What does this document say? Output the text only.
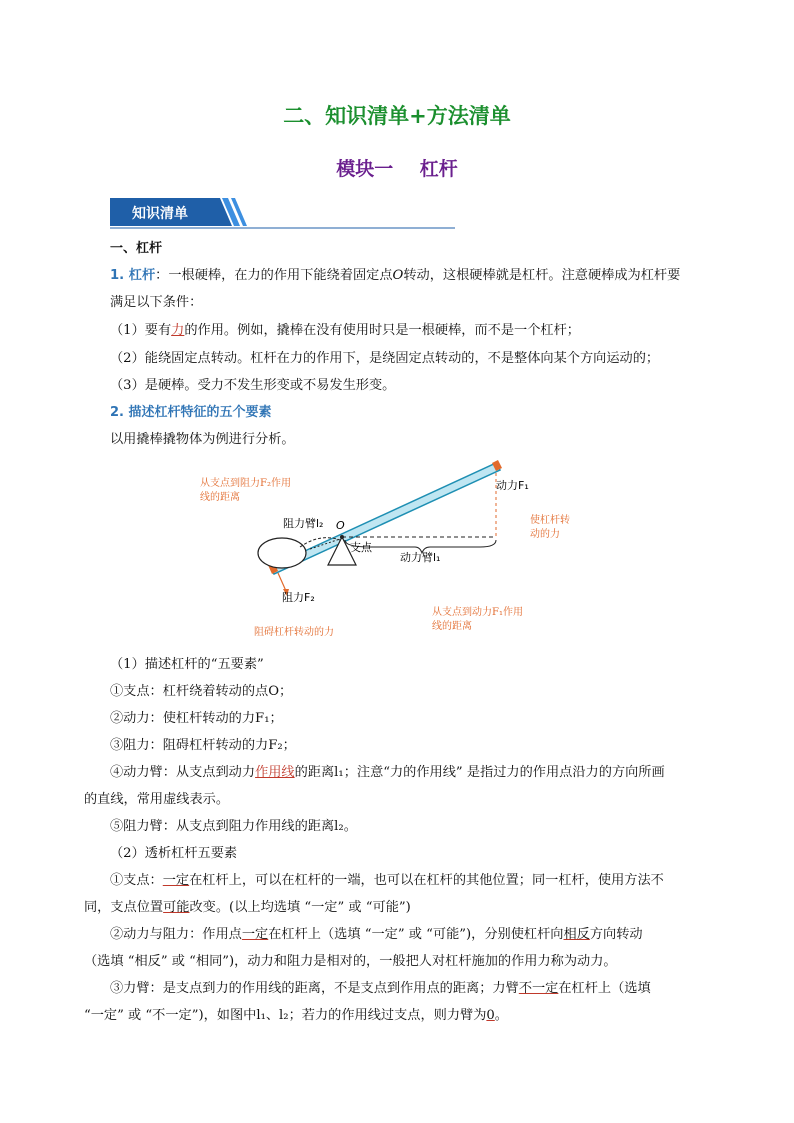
二、知识清单+方法清单
模块一    杠杆
知识清单
一、杠杆
1. 杠杆：一根硬棒，在力的作用下能绕着固定点O转动，这根硬棒就是杠杆。注意硬棒成为杠杆要
满足以下条件：
（1）要有力的作用。例如，撬棒在没有使用时只是一根硬棒，而不是一个杠杆；
（2）能绕固定点转动。杠杆在力的作用下，是绕固定点转动的，不是整体向某个方向运动的；
（3）是硬棒。受力不发生形变或不易发生形变。
2. 描述杠杆特征的五个要素
以用撬棒撬物体为例进行分析。
从支点到阻力F₂作用
线的距离
阻力臂l₂ O
支点
动力臂l₁
动力F₁
使杠杆转
动的力
阻力F₂
从支点到动力F₁作用
线的距离
阻碍杠杆转动的力
（1）描述杠杆的“五要素”
①支点：杠杆绕着转动的点O；
②动力：使杠杆转动的力F₁；
③阻力：阻碍杠杆转动的力F₂；
④动力臂：从支点到动力作用线的距离l₁；注意“力的作用线” 是指过力的作用点沿力的方向所画
的直线，常用虚线表示。
⑤阻力臂：从支点到阻力作用线的距离l₂。
（2）透析杠杆五要素
①支点：一定在杠杆上，可以在杠杆的一端，也可以在杠杆的其他位置；同一杠杆，使用方法不
同，支点位置可能改变。(以上均选填 “一定” 或 “可能”)
②动力与阻力：作用点一定在杠杆上（选填 “一定” 或 “可能”)，分别使杠杆向相反方向转动
（选填 “相反” 或 “相同”)，动力和阻力是相对的，一般把人对杠杆施加的作用力称为动力。
③力臂：是支点到力的作用线的距离，不是支点到作用点的距离；力臂不一定在杠杆上（选填
“一定” 或 “不一定”)，如图中l₁、l₂；若力的作用线过支点，则力臂为0。
